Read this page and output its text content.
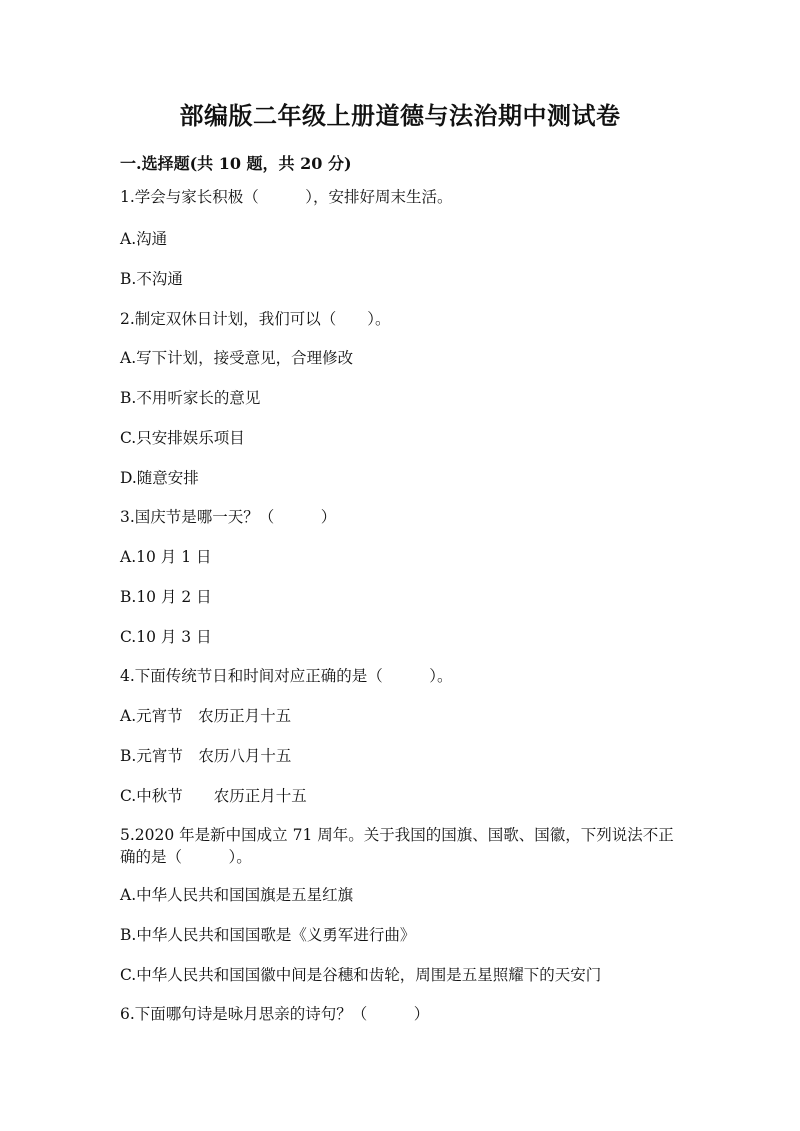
部编版二年级上册道德与法治期中测试卷
一.选择题(共 10 题，共 20 分)
1.学会与家长积极（　　　），安排好周末生活。
A.沟通
B.不沟通
2.制定双休日计划，我们可以（　　）。
A.写下计划，接受意见，合理修改
B.不用听家长的意见
C.只安排娱乐项目
D.随意安排
3.国庆节是哪一天？（　　　）
A.10 月 1 日
B.10 月 2 日
C.10 月 3 日
4.下面传统节日和时间对应正确的是（　　　）。
A.元宵节　农历正月十五
B.元宵节　农历八月十五
C.中秋节　　农历正月十五
5.2020 年是新中国成立 71 周年。关于我国的国旗、国歌、国徽，下列说法不正确的是（　　　）。
A.中华人民共和国国旗是五星红旗
B.中华人民共和国国歌是《义勇军进行曲》
C.中华人民共和国国徽中间是谷穗和齿轮，周围是五星照耀下的天安门
6.下面哪句诗是咏月思亲的诗句？（　　　）
